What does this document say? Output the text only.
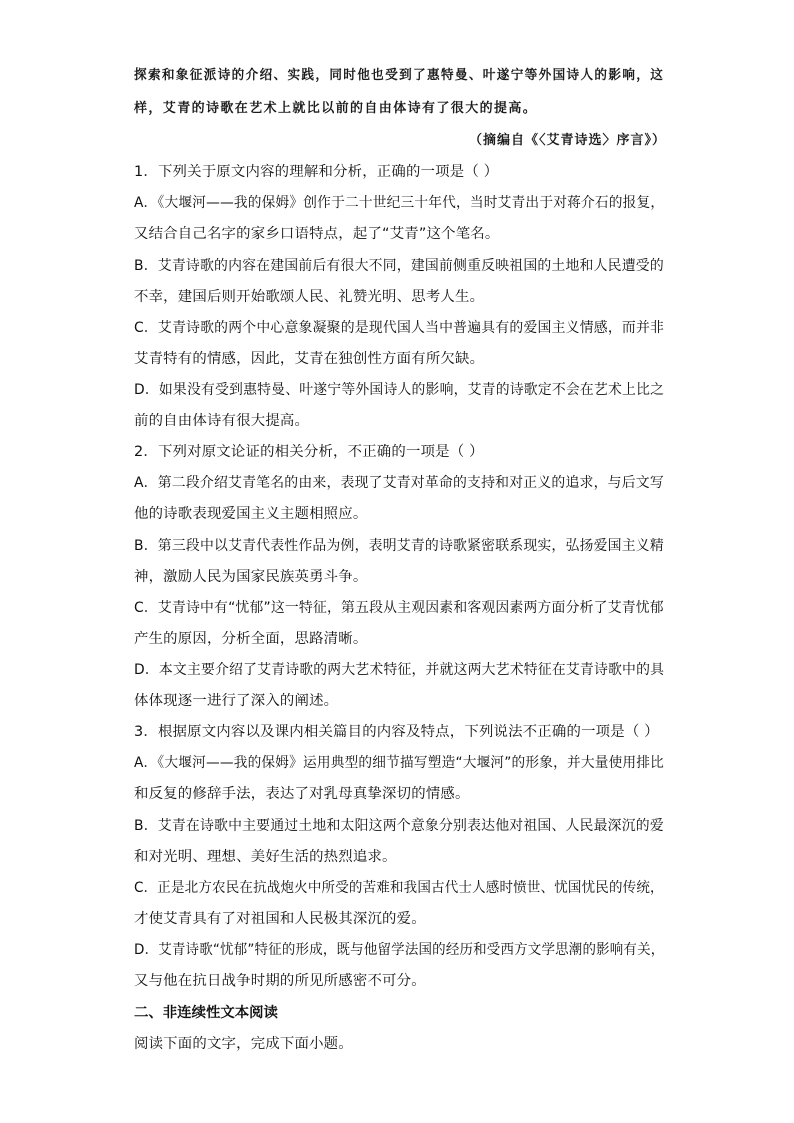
探索和象征派诗的介绍、实践，同时他也受到了惠特曼、叶遂宁等外国诗人的影响，这
样，艾青的诗歌在艺术上就比以前的自由体诗有了很大的提高。
（摘编自《〈艾青诗选〉序言》）
1．下列关于原文内容的理解和分析，正确的一项是（ ）
A．《大堰河——我的保姆》创作于二十世纪三十年代，当时艾青出于对蒋介石的报复，
又结合自己名字的家乡口语特点，起了“艾青”这个笔名。
B．艾青诗歌的内容在建国前后有很大不同，建国前侧重反映祖国的土地和人民遭受的
不幸，建国后则开始歌颂人民、礼赞光明、思考人生。
C．艾青诗歌的两个中心意象凝聚的是现代国人当中普遍具有的爱国主义情感，而并非
艾青特有的情感，因此，艾青在独创性方面有所欠缺。
D．如果没有受到惠特曼、叶遂宁等外国诗人的影响，艾青的诗歌定不会在艺术上比之
前的自由体诗有很大提高。
2．下列对原文论证的相关分析，不正确的一项是（ ）
A．第二段介绍艾青笔名的由来，表现了艾青对革命的支持和对正义的追求，与后文写
他的诗歌表现爱国主义主题相照应。
B．第三段中以艾青代表性作品为例，表明艾青的诗歌紧密联系现实，弘扬爱国主义精
神，激励人民为国家民族英勇斗争。
C．艾青诗中有“忧郁”这一特征，第五段从主观因素和客观因素两方面分析了艾青忧郁
产生的原因，分析全面，思路清晰。
D．本文主要介绍了艾青诗歌的两大艺术特征，并就这两大艺术特征在艾青诗歌中的具
体体现逐一进行了深入的阐述。
3．根据原文内容以及课内相关篇目的内容及特点，下列说法不正确的一项是（ ）
A．《大堰河——我的保姆》运用典型的细节描写塑造“大堰河”的形象，并大量使用排比
和反复的修辞手法，表达了对乳母真挚深切的情感。
B．艾青在诗歌中主要通过土地和太阳这两个意象分别表达他对祖国、人民最深沉的爱
和对光明、理想、美好生活的热烈追求。
C．正是北方农民在抗战炮火中所受的苦难和我国古代士人感时愤世、忧国忧民的传统，
才使艾青具有了对祖国和人民极其深沉的爱。
D．艾青诗歌“忧郁”特征的形成，既与他留学法国的经历和受西方文学思潮的影响有关，
又与他在抗日战争时期的所见所感密不可分。
二、非连续性文本阅读
阅读下面的文字，完成下面小题。
